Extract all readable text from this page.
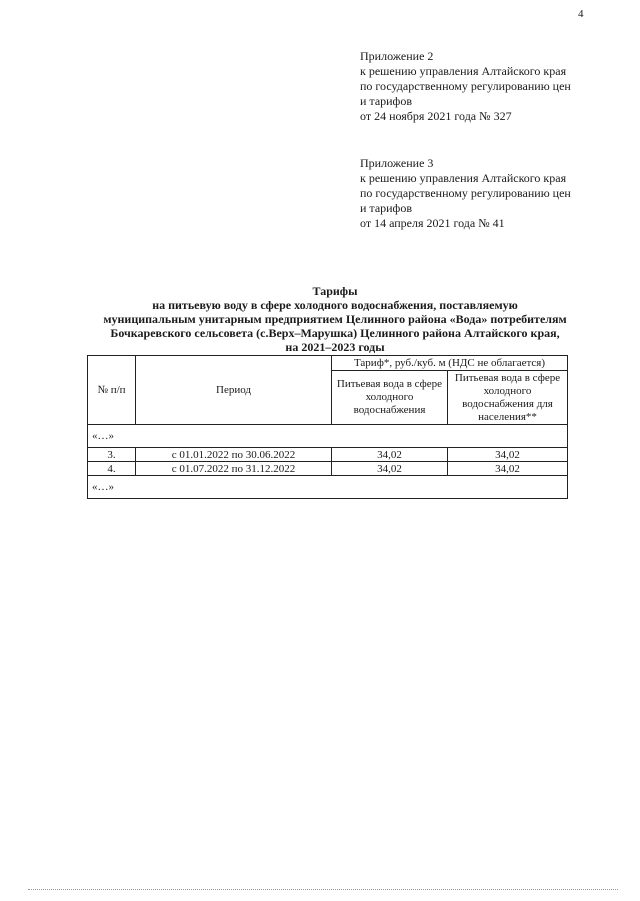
4
Приложение 2
к решению управления Алтайского края
по государственному регулированию цен
и тарифов
от 24 ноября 2021 года № 327
Приложение 3
к решению управления Алтайского края
по государственному регулированию цен
и тарифов
от 14 апреля 2021 года № 41
Тарифы
на питьевую воду в сфере холодного водоснабжения, поставляемую
муниципальным унитарным предприятием Целинного района «Вода» потребителям
Бочкаревского сельсовета (с.Верх–Марушка) Целинного района Алтайского края,
на 2021–2023 годы
№ п/п	Период	Тариф*, руб./куб. м (НДС не облагается)	
		Питьевая вода в сфере холодного водоснабжения	Питьевая вода в сфере холодного водоснабжения для населения**
«…»			
3.	с 01.01.2022 по 30.06.2022	34,02	34,02
4.	с 01.07.2022 по 31.12.2022	34,02	34,02
«…»			
